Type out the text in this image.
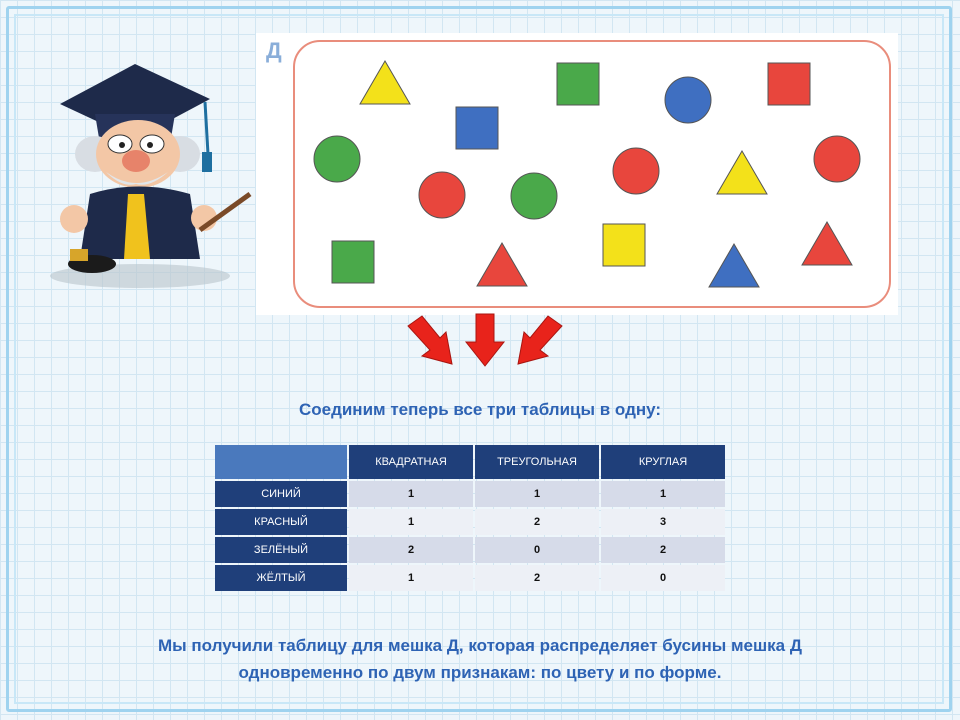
Д
Соединим теперь все три таблицы в одну:
	КВАДРАТНАЯ	ТРЕУГОЛЬНАЯ	КРУГЛАЯ
СИНИЙ	1	1	1
КРАСНЫЙ	1	2	3
ЗЕЛЁНЫЙ	2	0	2
ЖЁЛТЫЙ	1	2	0
Мы получили таблицу для мешка Д, которая распределяет бусины мешка Д
одновременно по двум признакам: по цвету и по форме.
